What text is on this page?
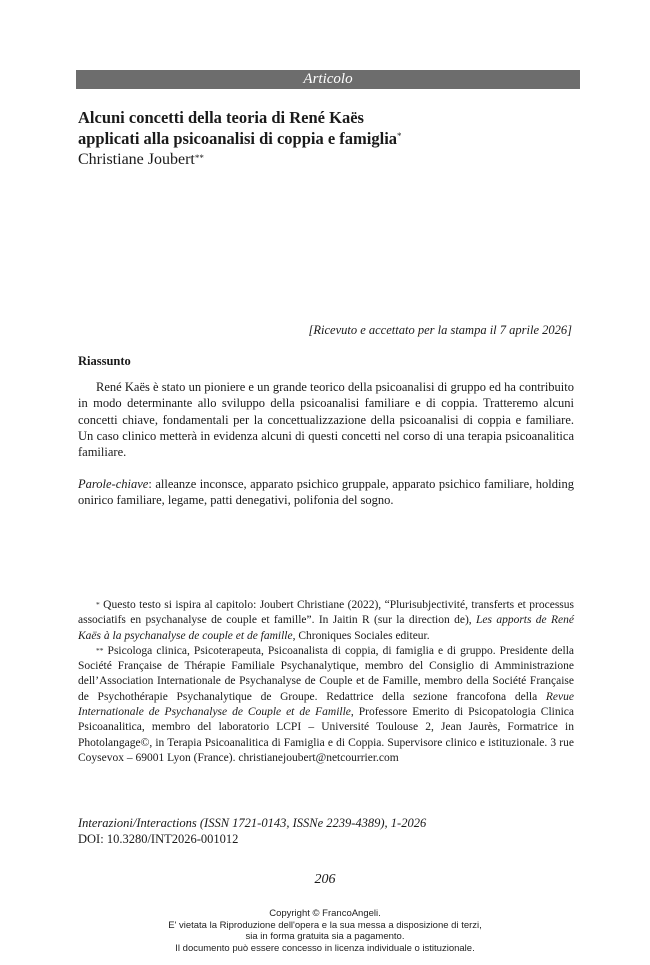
Articolo
Alcuni concetti della teoria di René Kaës
applicati alla psicoanalisi di coppia e famiglia*
Christiane Joubert**
[Ricevuto e accettato per la stampa il 7 aprile 2026]
Riassunto

René Kaës è stato un pioniere e un grande teorico della psicoanalisi di gruppo ed ha contribuito in modo determinante allo sviluppo della psicoanalisi familiare e di coppia. Tratteremo alcuni concetti chiave, fondamentali per la concettualizzazione della psicoanalisi di coppia e familiare. Un caso clinico metterà in evidenza alcuni di questi concetti nel corso di una terapia psicoanalitica familiare.

Parole-chiave: alleanze inconsce, apparato psichico gruppale, apparato psichico familiare, holding onirico familiare, legame, patti denegativi, polifonia del sogno.

* Questo testo si ispira al capitolo: Joubert Christiane (2022), “Plurisubjectivité, transferts et processus associatifs en psychanalyse de couple et famille”. In Jaitin R (sur la direction de), Les apports de René Kaës à la psychanalyse de couple et de famille, Chroniques Sociales editeur.

** Psicologa clinica, Psicoterapeuta, Psicoanalista di coppia, di famiglia e di gruppo. Presidente della Société Française de Thérapie Familiale Psychanalytique, membro del Consiglio di Amministrazione dell’Association Internationale de Psychanalyse de Couple et de Famille, membro della Société Française de Psychothérapie Psychanalytique de Groupe. Redattrice della sezione francofona della Revue Internationale de Psychanalyse de Couple et de Famille, Professore Emerito di Psicopatologia Clinica Psicoanalitica, membro del laboratorio LCPI – Université Toulouse 2, Jean Jaurès, Formatrice in Photolangage©, in Terapia Psicoanalitica di Famiglia e di Coppia. Supervisore clinico e istituzionale. 3 rue Coysevox – 69001 Lyon (France). christianejoubert@netcourrier.com

Interazioni/Interactions (ISSN 1721-0143, ISSNe 2239-4389), 1-2026
DOI: 10.3280/INT2026-001012
206
Copyright © FrancoAngeli.
E' vietata la Riproduzione dell'opera e la sua messa a disposizione di terzi,
sia in forma gratuita sia a pagamento.
Il documento può essere concesso in licenza individuale o istituzionale.
